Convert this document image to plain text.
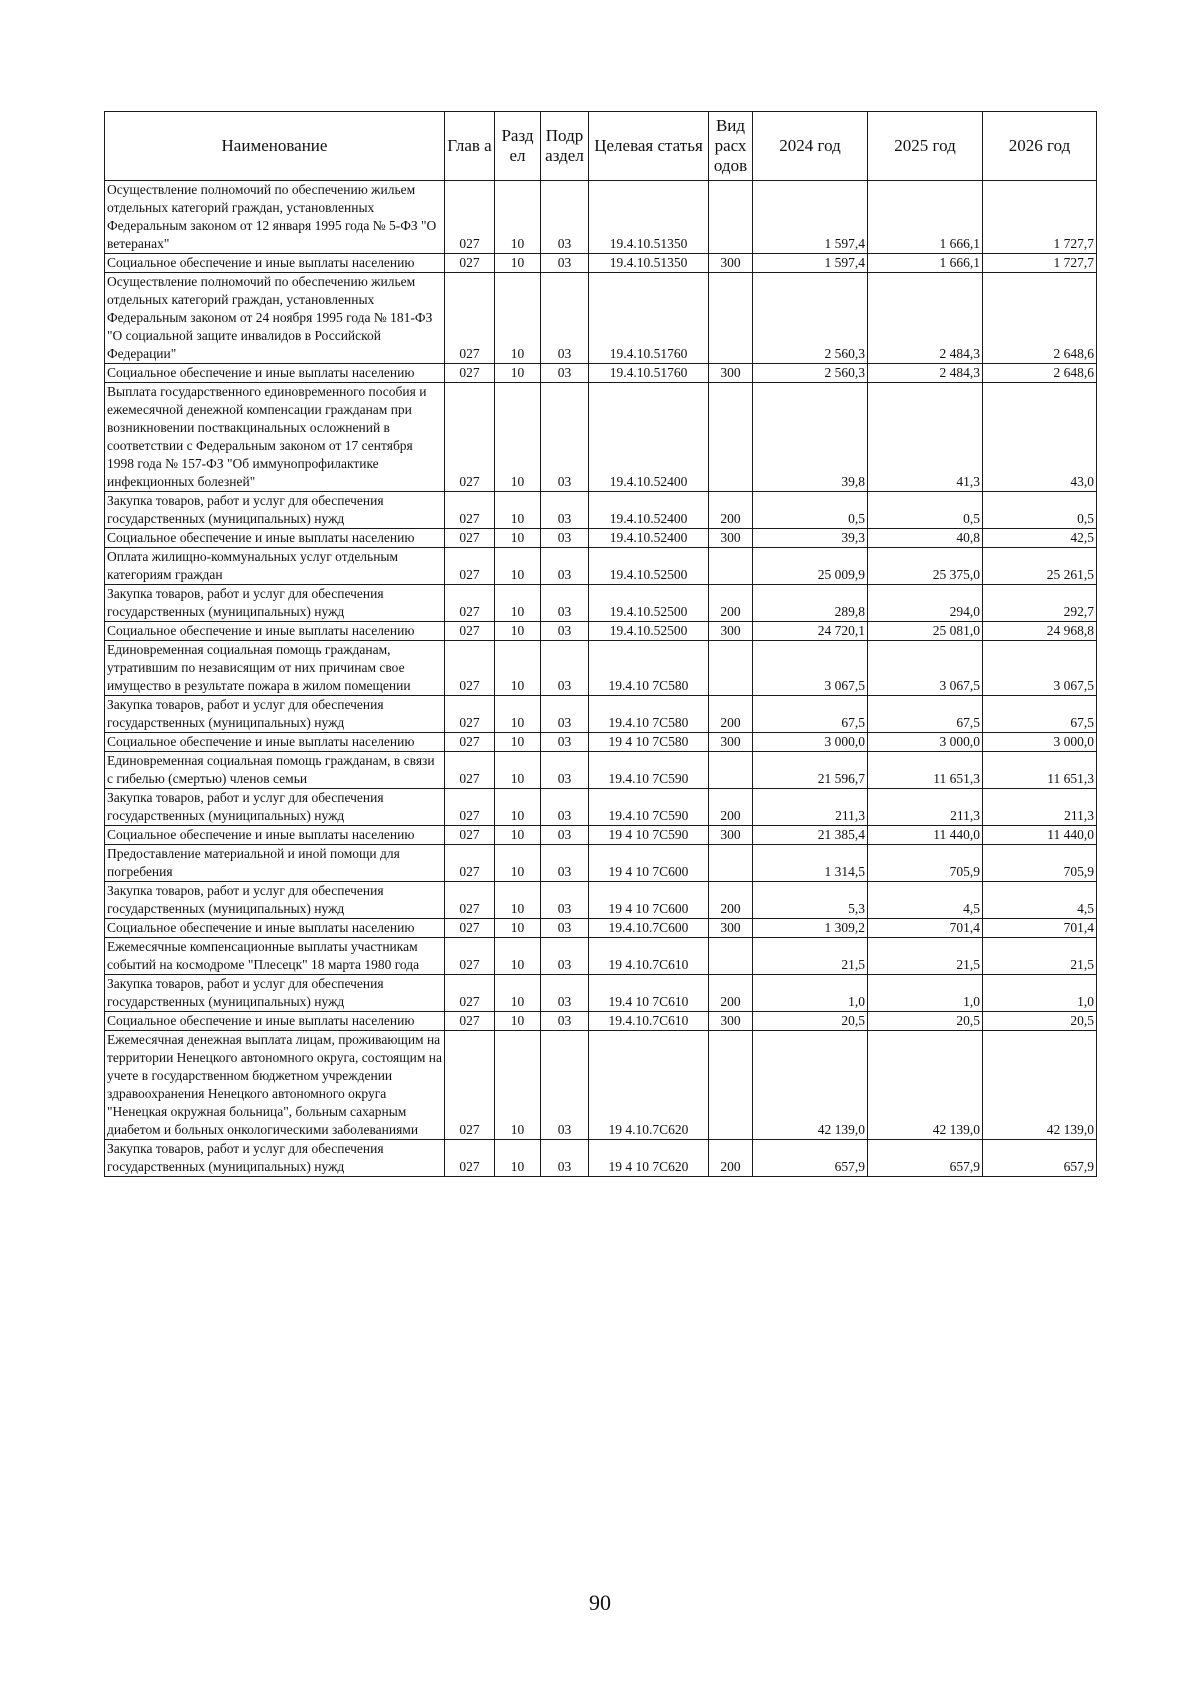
Наименование	Глав а	Разд ел	Подр аздел	Целевая статья	Вид расх одов	2024 год	2025 год	2026 год
Осуществление полномочий по обеспечению жильем отдельных категорий граждан, установленных Федеральным законом от 12 января 1995 года № 5-ФЗ "О ветеранах"	027	10	03	19.4.10.51350		1 597,4	1 666,1	1 727,7
Социальное обеспечение и иные выплаты населению	027	10	03	19.4.10.51350	300	1 597,4	1 666,1	1 727,7
Осуществление полномочий по обеспечению жильем отдельных категорий граждан, установленных Федеральным законом от 24 ноября 1995 года № 181-ФЗ "О социальной защите инвалидов в Российской Федерации"	027	10	03	19.4.10.51760		2 560,3	2 484,3	2 648,6
Социальное обеспечение и иные выплаты населению	027	10	03	19.4.10.51760	300	2 560,3	2 484,3	2 648,6
Выплата государственного единовременного пособия и ежемесячной денежной компенсации гражданам при возникновении поствакцинальных осложнений в соответствии с Федеральным законом от 17 сентября 1998 года № 157-ФЗ "Об иммунопрофилактике инфекционных болезней"	027	10	03	19.4.10.52400		39,8	41,3	43,0
Закупка товаров, работ и услуг для обеспечения государственных (муниципальных) нужд	027	10	03	19.4.10.52400	200	0,5	0,5	0,5
Социальное обеспечение и иные выплаты населению	027	10	03	19.4.10.52400	300	39,3	40,8	42,5
Оплата жилищно-коммунальных услуг отдельным категориям граждан	027	10	03	19.4.10.52500		25 009,9	25 375,0	25 261,5
Закупка товаров, работ и услуг для обеспечения государственных (муниципальных) нужд	027	10	03	19.4.10.52500	200	289,8	294,0	292,7
Социальное обеспечение и иные выплаты населению	027	10	03	19.4.10.52500	300	24 720,1	25 081,0	24 968,8
Единовременная социальная помощь гражданам, утратившим по независящим от них причинам свое имущество в результате пожара в жилом помещении	027	10	03	19.4.10 7С580		3 067,5	3 067,5	3 067,5
Закупка товаров, работ и услуг для обеспечения государственных (муниципальных) нужд	027	10	03	19.4.10 7С580	200	67,5	67,5	67,5
Социальное обеспечение и иные выплаты населению	027	10	03	19 4 10 7С580	300	3 000,0	3 000,0	3 000,0
Единовременная социальная помощь гражданам, в связи с гибелью (смертью) членов семьи	027	10	03	19.4.10 7С590		21 596,7	11 651,3	11 651,3
Закупка товаров, работ и услуг для обеспечения государственных (муниципальных) нужд	027	10	03	19.4.10 7С590	200	211,3	211,3	211,3
Социальное обеспечение и иные выплаты населению	027	10	03	19 4 10 7С590	300	21 385,4	11 440,0	11 440,0
Предоставление материальной и иной помощи для погребения	027	10	03	19 4 10 7С600		1 314,5	705,9	705,9
Закупка товаров, работ и услуг для обеспечения государственных (муниципальных) нужд	027	10	03	19 4 10 7С600	200	5,3	4,5	4,5
Социальное обеспечение и иные выплаты населению	027	10	03	19.4.10.7С600	300	1 309,2	701,4	701,4
Ежемесячные компенсационные выплаты участникам событий на космодроме "Плесецк" 18 марта 1980 года	027	10	03	19 4.10.7С610		21,5	21,5	21,5
Закупка товаров, работ и услуг для обеспечения государственных (муниципальных) нужд	027	10	03	19.4 10 7С610	200	1,0	1,0	1,0
Социальное обеспечение и иные выплаты населению	027	10	03	19.4.10.7С610	300	20,5	20,5	20,5
Ежемесячная денежная выплата лицам, проживающим на территории Ненецкого автономного округа, состоящим на учете в государственном бюджетном учреждении здравоохранения Ненецкого автономного округа "Ненецкая окружная больница", больным сахарным диабетом и больных онкологическими заболеваниями	027	10	03	19 4.10.7С620		42 139,0	42 139,0	42 139,0
Закупка товаров, работ и услуг для обеспечения государственных (муниципальных) нужд	027	10	03	19 4 10 7С620	200	657,9	657,9	657,9
90
